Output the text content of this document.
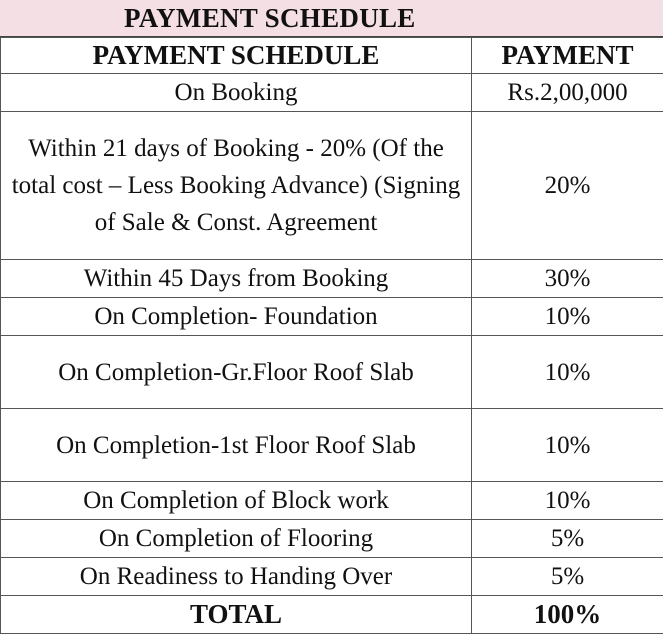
PAYMENT SCHEDULE
PAYMENT SCHEDULE	PAYMENT
On Booking	Rs.2,00,000
Within 21 days of Booking - 20% (Of the total cost – Less Booking Advance) (Signing of Sale & Const. Agreement	20%
Within 45 Days from Booking	30%
On Completion- Foundation	10%
On Completion-Gr.Floor Roof Slab	10%
On Completion-1st Floor Roof Slab	10%
On Completion of Block work	10%
On Completion of Flooring	5%
On Readiness to Handing Over	5%
TOTAL	100%
